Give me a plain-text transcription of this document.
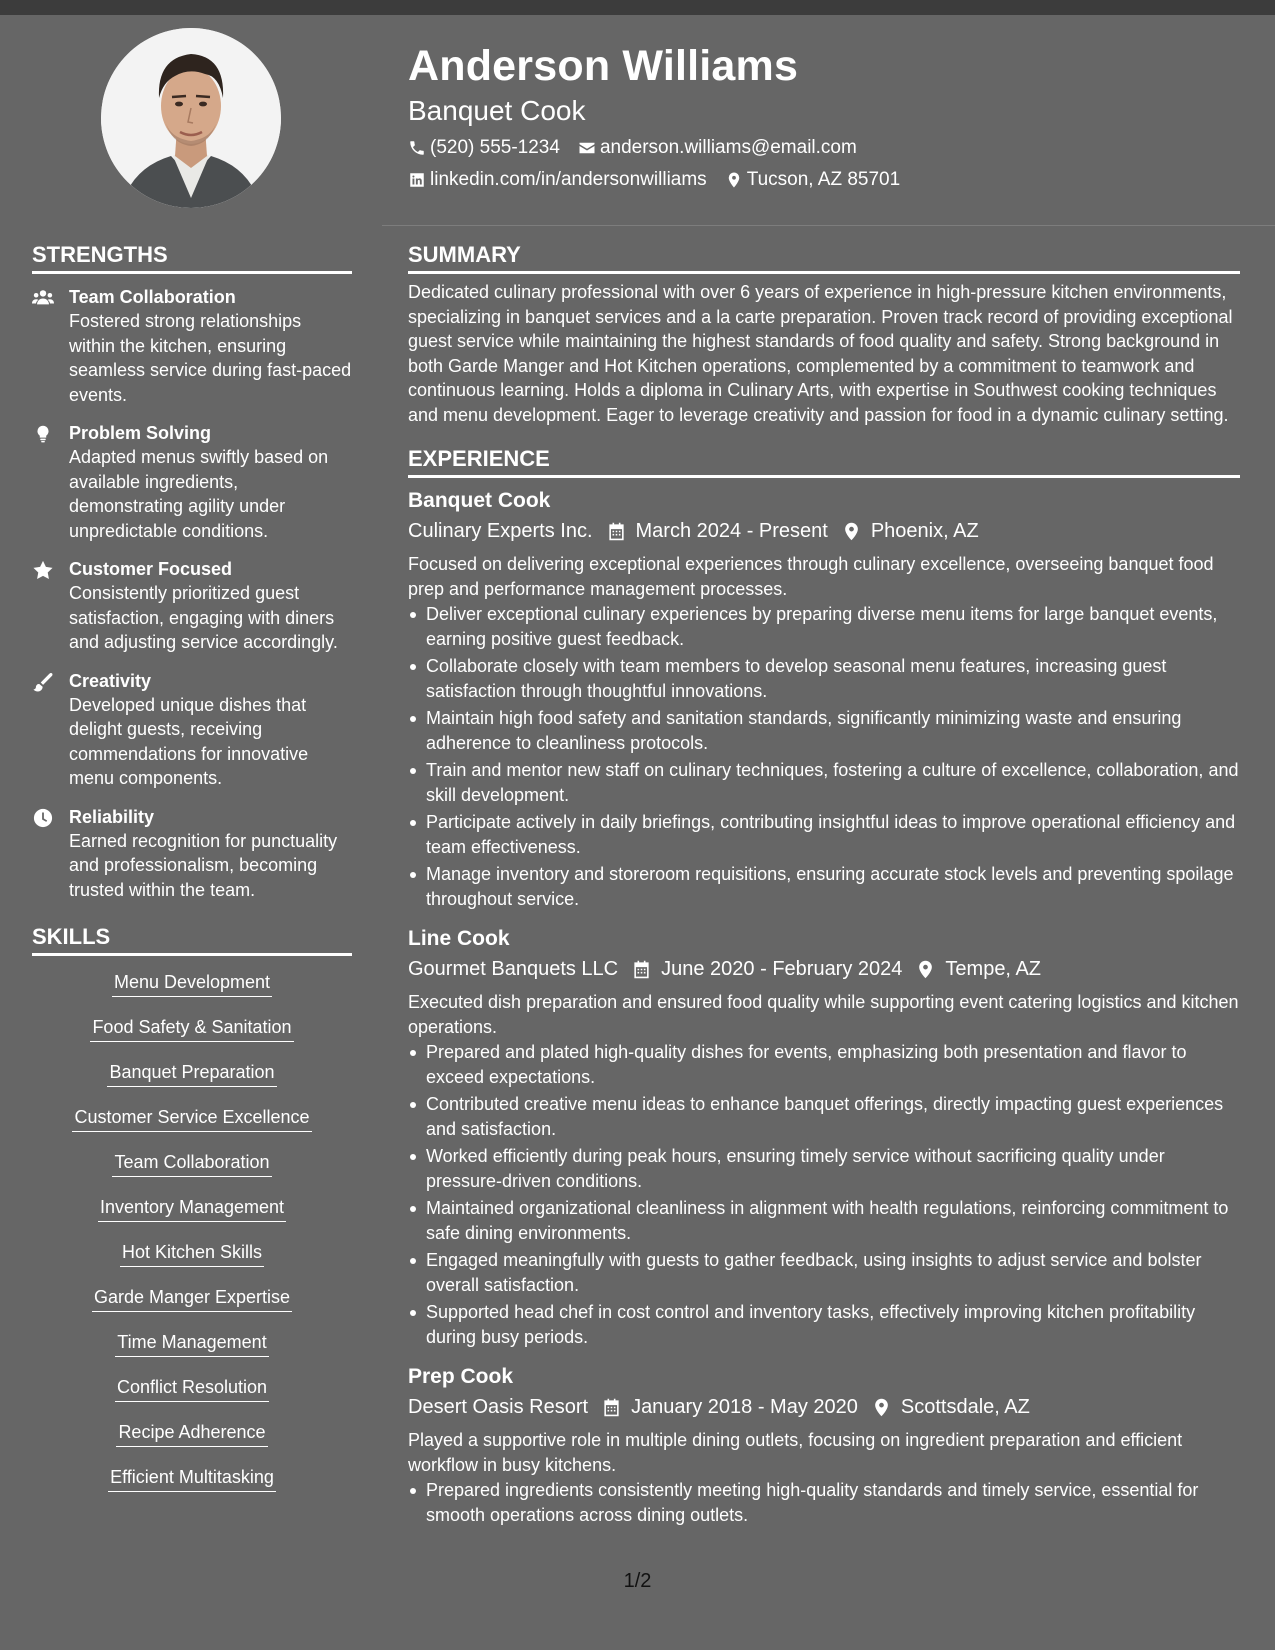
Anderson Williams
Banquet Cook
(520) 555-1234 anderson.williams@email.com
linkedin.com/in/andersonwilliams Tucson, AZ 85701
STRENGTHS
Team Collaboration
Fostered strong relationships within the kitchen, ensuring seamless service during fast-paced events.
Problem Solving
Adapted menus swiftly based on available ingredients, demonstrating agility under unpredictable conditions.
Customer Focused
Consistently prioritized guest satisfaction, engaging with diners and adjusting service accordingly.
Creativity
Developed unique dishes that delight guests, receiving commendations for innovative menu components.
Reliability
Earned recognition for punctuality and professionalism, becoming trusted within the team.
SKILLS
Menu Development
Food Safety & Sanitation
Banquet Preparation
Customer Service Excellence
Team Collaboration
Inventory Management
Hot Kitchen Skills
Garde Manger Expertise
Time Management
Conflict Resolution
Recipe Adherence
Efficient Multitasking
SUMMARY
Dedicated culinary professional with over 6 years of experience in high-pressure kitchen environments, specializing in banquet services and a la carte preparation. Proven track record of providing exceptional guest service while maintaining the highest standards of food quality and safety. Strong background in both Garde Manger and Hot Kitchen operations, complemented by a commitment to teamwork and continuous learning. Holds a diploma in Culinary Arts, with expertise in Southwest cooking techniques and menu development. Eager to leverage creativity and passion for food in a dynamic culinary setting.
EXPERIENCE
Banquet Cook
Culinary Experts Inc. March 2024 - Present Phoenix, AZ
Focused on delivering exceptional experiences through culinary excellence, overseeing banquet food prep and performance management processes.
Deliver exceptional culinary experiences by preparing diverse menu items for large banquet events, earning positive guest feedback.
Collaborate closely with team members to develop seasonal menu features, increasing guest satisfaction through thoughtful innovations.
Maintain high food safety and sanitation standards, significantly minimizing waste and ensuring adherence to cleanliness protocols.
Train and mentor new staff on culinary techniques, fostering a culture of excellence, collaboration, and skill development.
Participate actively in daily briefings, contributing insightful ideas to improve operational efficiency and team effectiveness.
Manage inventory and storeroom requisitions, ensuring accurate stock levels and preventing spoilage throughout service.
Line Cook
Gourmet Banquets LLC June 2020 - February 2024 Tempe, AZ
Executed dish preparation and ensured food quality while supporting event catering logistics and kitchen operations.
Prepared and plated high-quality dishes for events, emphasizing both presentation and flavor to exceed expectations.
Contributed creative menu ideas to enhance banquet offerings, directly impacting guest experiences and satisfaction.
Worked efficiently during peak hours, ensuring timely service without sacrificing quality under pressure-driven conditions.
Maintained organizational cleanliness in alignment with health regulations, reinforcing commitment to safe dining environments.
Engaged meaningfully with guests to gather feedback, using insights to adjust service and bolster overall satisfaction.
Supported head chef in cost control and inventory tasks, effectively improving kitchen profitability during busy periods.
Prep Cook
Desert Oasis Resort January 2018 - May 2020 Scottsdale, AZ
Played a supportive role in multiple dining outlets, focusing on ingredient preparation and efficient workflow in busy kitchens.
Prepared ingredients consistently meeting high-quality standards and timely service, essential for smooth operations across dining outlets.
1/2
